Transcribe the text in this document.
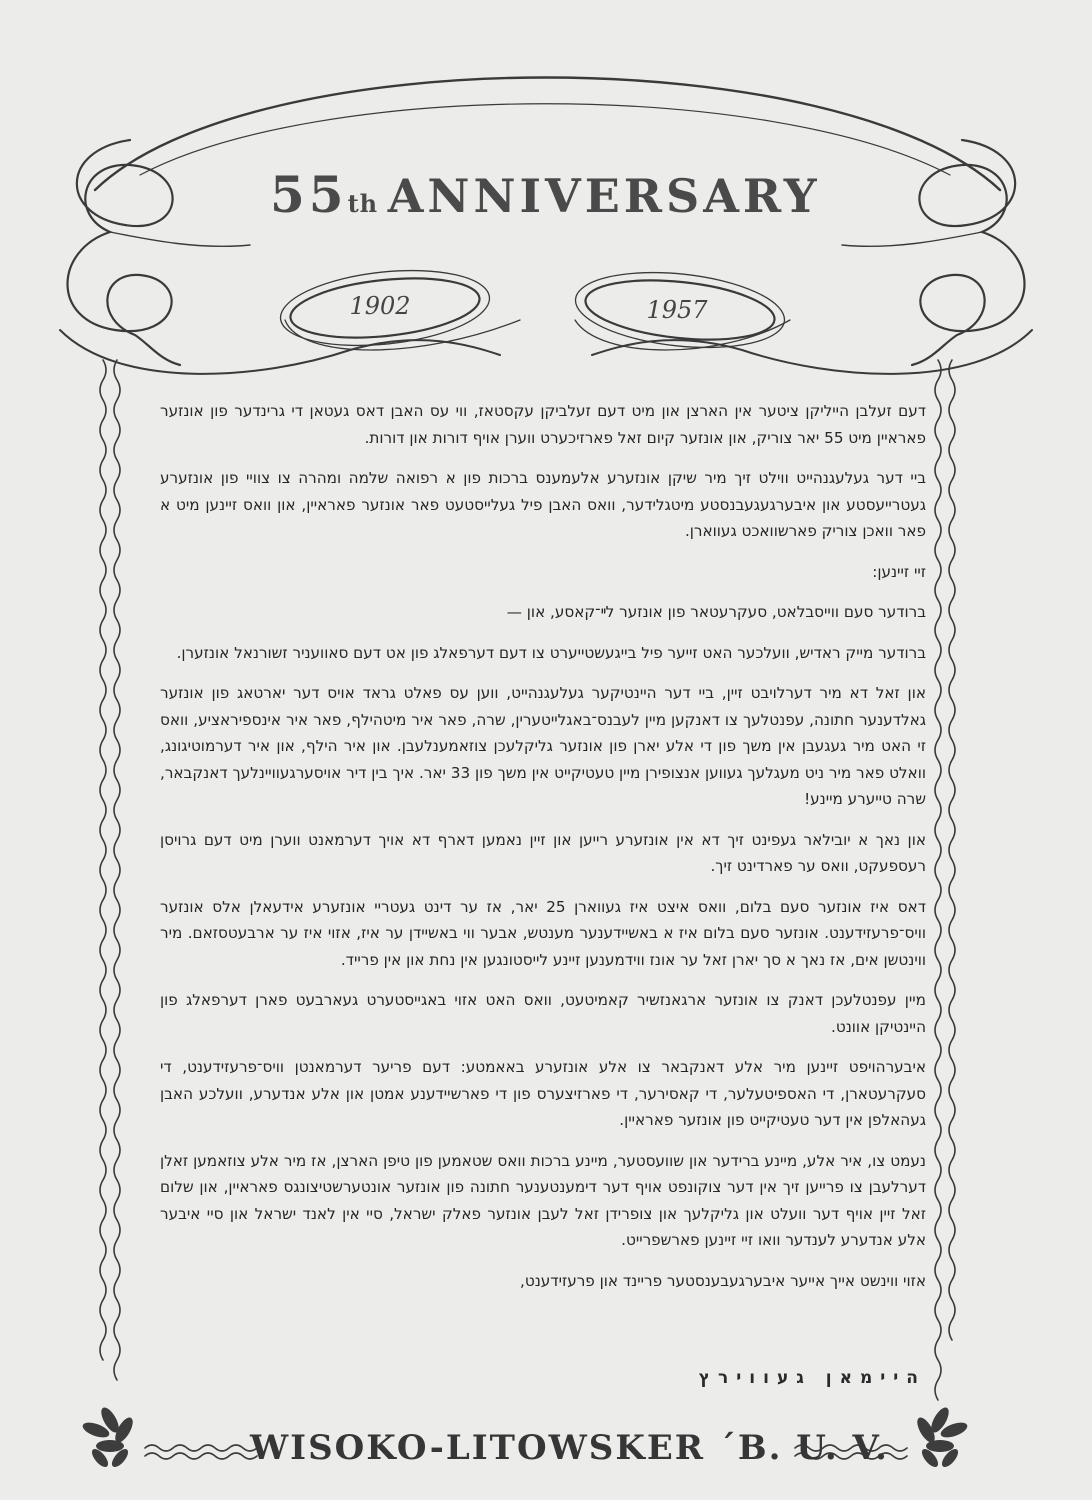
55th ANNIVERSARY
1902	1957

דעם זעלבן הייליקן ציטער אין הארצן און מיט דעם זעלביקן עקסטאז, ווי עס האבן דאס געטאן די גרינדער פון אונזער פאראיין מיט 55 יאר צוריק, און אונזער קיום זאל פארזיכערט ווערן אויף דורות און דורות.

ביי דער געלעגנהייט ווילט זיך מיר שיקן אונזערע אלעמענס ברכות פון א רפואה שלמה ומהרה צו צוויי פון אונזערע געטרייעסטע און איבערגעגעבנסטע מיטגלידער, וואס האבן פיל געלייסטעט פאר אונזער פאראיין, און וואס זיינען מיט א פאר וואכן צוריק פארשוואכט געווארן.

זיי זיינען:

ברודער סעם ווייסבלאט, סעקרעטאר פון אונזער לײ־קאסע, און —

ברודער מייק ראדיש, וועלכער האט זייער פיל בייגעשטייערט צו דעם דערפאלג פון אט דעם סאוועניר זשורנאל אונזערן.

און זאל דא מיר דערלויבט זיין, ביי דער היינטיקער געלעגנהייט, ווען עס פאלט גראד אויס דער יארטאג פון אונזער גאלדענער חתונה, עפנטלעך צו דאנקען מיין לעבנס־באגלייטערין, שרה, פאר איר מיטהילף, פאר איר אינספיראציע, וואס זי האט מיר געגעבן אין משך פון די אלע יארן פון אונזער גליקלעכן צוזאמענלעבן. און איר הילף, און איר דערמוטיגונג, וואלט פאר מיר ניט מעגלעך געווען אנצופירן מיין טעטיקייט אין משך פון 33 יאר. איך בין דיר אויסערגעוויינלעך דאנקבאר, שרה טייערע מיינע!

און נאך א יובילאר געפינט זיך דא אין אונזערע רייען און זיין נאמען דארף דא אויך דערמאנט ווערן מיט דעם גרויסן רעספעקט, וואס ער פארדינט זיך.

דאס איז אונזער סעם בלום, וואס איצט איז געווארן 25 יאר, אז ער דינט געטריי אונזערע אידעאלן אלס אונזער וויס־פרעזידענט. אונזער סעם בלום איז א באשיידענער מענטש, אבער ווי באשיידן ער איז, אזוי איז ער ארבעטסזאם. מיר ווינטשן אים, אז נאך א סך יארן זאל ער אונז ווידמענען זיינע לייסטונגען אין נחת און אין פרייד.

מיין עפנטלעכן דאנק צו אונזער ארגאנזשיר קאמיטעט, וואס האט אזוי באגייסטערט געארבעט פארן דערפאלג פון היינטיקן אוונט.

איבערהויפט זיינען מיר אלע דאנקבאר צו אלע אונזערע באאמטע: דעם פריער דערמאנטן וויס־פרעזידענט, די סעקרעטארן, די האספיטעלער, די קאסירער, די פארזיצערס פון די פארשיידענע אמטן און אלע אנדערע, וועלכע האבן געהאלפן אין דער טעטיקייט פון אונזער פאראיין.

נעמט צו, איר אלע, מיינע ברידער און שוועסטער, מיינע ברכות וואס שטאמען פון טיפן הארצן, אז מיר אלע צוזאמען זאלן דערלעבן צו פרייען זיך אין דער צוקונפט אויף דער דימענטענער חתונה פון אונזער אונטערשטיצונגס פאראיין, און שלום זאל זיין אויף דער וועלט און גליקלעך און צופרידן זאל לעבן אונזער פאלק ישראל, סיי אין לאנד ישראל און סיי איבער אלע אנדערע לענדער וואו זיי זיינען פארשפרייט.

אזוי ווינשט אייך אייער איבערגעבענסטער פריינד און פרעזידענט,

היימאן געווירץ
WISOKO-LITOWSKER ´B. U. V.
